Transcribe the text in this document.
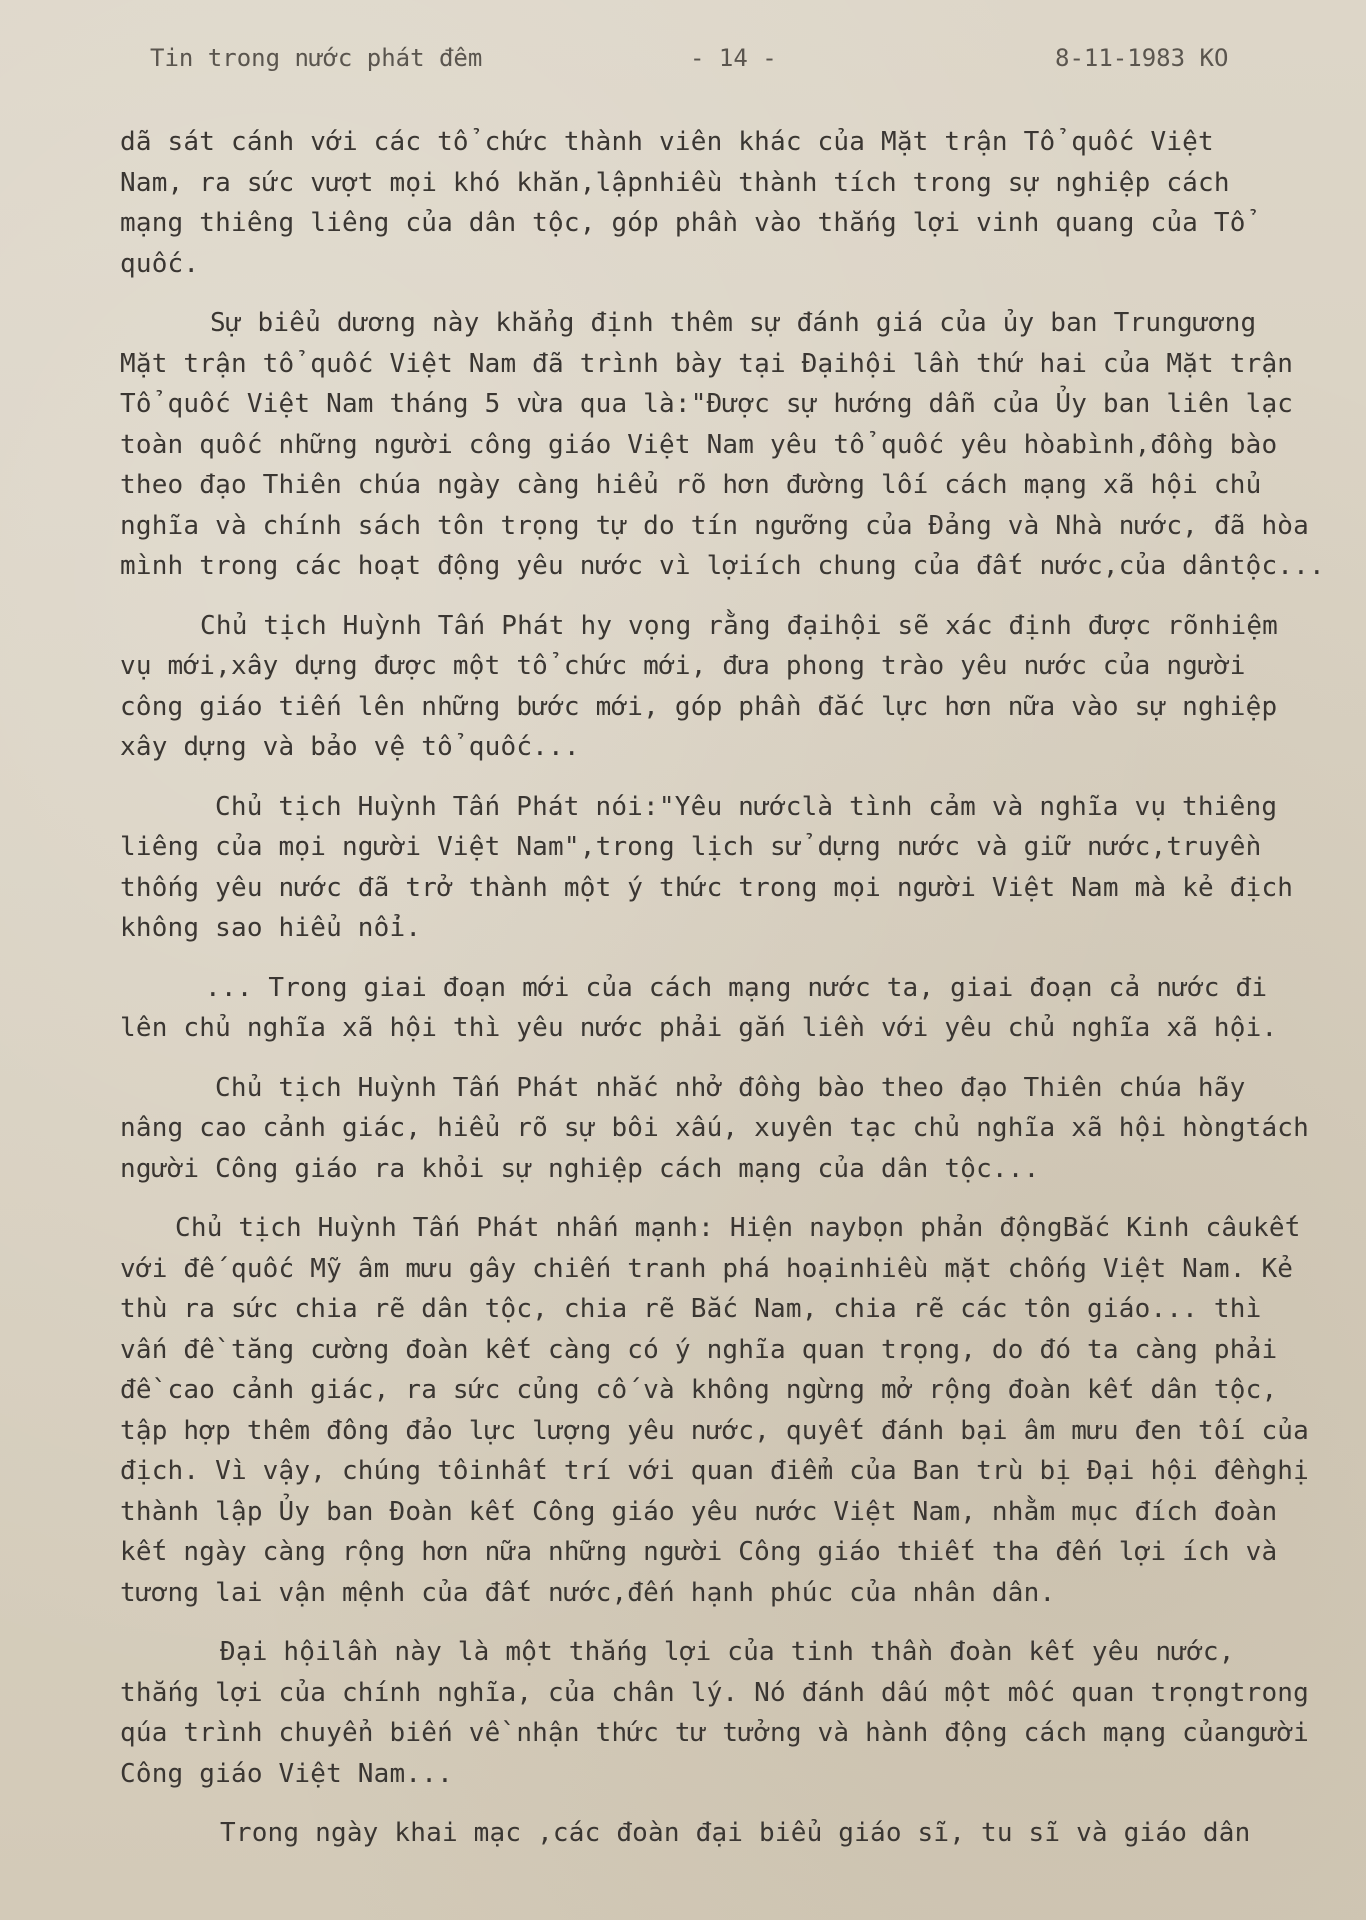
Tin trong nước phát đêm	- 14 -	8-11-1983 KO
dã sát cánh với các tổ chức thành viên khác của Mặt trận Tổ quốc Việt
Nam, ra sức vượt mọi khó khăn,lậpnhiều thành tích trong sự nghiệp cách
mạng thiêng liêng của dân tộc, góp phần vào thắng lợi vinh quang của Tổ
quốc.
Sự biểu dương này khẳng định thêm sự đánh giá của ủy ban Trungương
Mặt trận tổ quốc Việt Nam đã trình bày tại Đạihội lần thứ hai của Mặt trận
Tổ quốc Việt Nam tháng 5 vừa qua là:"Được sự hướng dẫn của Ủy ban liên lạc
toàn quốc những người công giáo Việt Nam yêu tổ quốc yêu hòabình,đồng bào
theo đạo Thiên chúa ngày càng hiểu rõ hơn đường lối cách mạng xã hội chủ
nghĩa và chính sách tôn trọng tự do tín ngưỡng của Đảng và Nhà nước, đã hòa
mình trong các hoạt động yêu nước vì lợiích chung của đất nước,của dântộc...
Chủ tịch Huỳnh Tấn Phát hy vọng rằng đạihội sẽ xác định được rõnhiệm
vụ mới,xây dựng được một tổ chức mới, đưa phong trào yêu nước của người
công giáo tiến lên những bước mới, góp phần đắc lực hơn nữa vào sự nghiệp
xây dựng và bảo vệ tổ quốc...
Chủ tịch Huỳnh Tấn Phát nói:"Yêu nướclà tình cảm và nghĩa vụ thiêng
liêng của mọi người Việt Nam",trong lịch sử dựng nước và giữ nước,truyền
thống yêu nước đã trở thành một ý thức trong mọi người Việt Nam mà kẻ địch
không sao hiểu nổi.
... Trong giai đoạn mới của cách mạng nước ta, giai đoạn cả nước đi
lên chủ nghĩa xã hội thì yêu nước phải gắn liền với yêu chủ nghĩa xã hội.
Chủ tịch Huỳnh Tấn Phát nhắc nhở đồng bào theo đạo Thiên chúa hãy
nâng cao cảnh giác, hiểu rõ sự bôi xấu, xuyên tạc chủ nghĩa xã hội hòngtách
người Công giáo ra khỏi sự nghiệp cách mạng của dân tộc...
Chủ tịch Huỳnh Tấn Phát nhấn mạnh: Hiện naybọn phản độngBắc Kinh câukết
với đế quốc Mỹ âm mưu gây chiến tranh phá hoạinhiều mặt chống Việt Nam. Kẻ
thù ra sức chia rẽ dân tộc, chia rẽ Bắc Nam, chia rẽ các tôn giáo... thì
vấn đề tăng cường đoàn kết càng có ý nghĩa quan trọng, do đó ta càng phải
đề cao cảnh giác, ra sức củng cố và không ngừng mở rộng đoàn kết dân tộc,
tập hợp thêm đông đảo lực lượng yêu nước, quyết đánh bại âm mưu đen tối của
địch. Vì vậy, chúng tôinhất trí với quan điểm của Ban trù bị Đại hội đềnghị
thành lập Ủy ban Đoàn kết Công giáo yêu nước Việt Nam, nhằm mục đích đoàn
kết ngày càng rộng hơn nữa những người Công giáo thiết tha đến lợi ích và
tương lai vận mệnh của đất nước,đến hạnh phúc của nhân dân.
Đại hộilần này là một thắng lợi của tinh thần đoàn kết yêu nước,
thắng lợi của chính nghĩa, của chân lý. Nó đánh dấu một mốc quan trọngtrong
qúa trình chuyển biến về nhận thức tư tưởng và hành động cách mạng củangười
Công giáo Việt Nam...
Trong ngày khai mạc ,các đoàn đại biểu giáo sĩ, tu sĩ và giáo dân
